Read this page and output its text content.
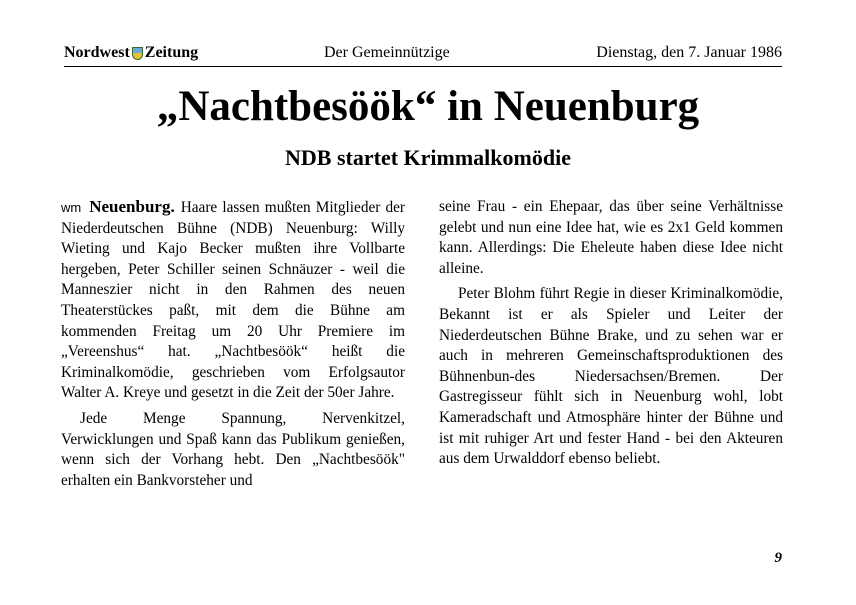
Nordwest Zeitung	Der Gemeinnützige	Dienstag, den 7. Januar 1986
„Nachtbesöök“ in Neuenburg
NDB startet Krimmalkomödie

wm Neuenburg. Haare lassen mußten Mitglieder der Niederdeutschen Bühne (NDB) Neuenburg: Willy Wieting und Kajo Becker mußten ihre Vollbarte hergeben, Peter Schiller seinen Schnäuzer - weil die Manneszier nicht in den Rahmen des neuen Theaterstückes paßt, mit dem die Bühne am kommenden Freitag um 20 Uhr Premiere im „Vereenshus“ hat. „Nachtbesöök“ heißt die Kriminalkomödie, geschrieben vom Erfolgsautor Walter A. Kreye und gesetzt in die Zeit der 50er Jahre.

Jede Menge Spannung, Nervenkitzel, Verwicklungen und Spaß kann das Publikum genießen, wenn sich der Vorhang hebt. Den „Nachtbesöök" erhalten ein Bankvorsteher und

seine Frau - ein Ehepaar, das über seine Verhältnisse gelebt und nun eine Idee hat, wie es 2x1 Geld kommen kann. Allerdings: Die Eheleute haben diese Idee nicht alleine.

Peter Blohm führt Regie in dieser Kriminalkomödie, Bekannt ist er als Spieler und Leiter der Niederdeutschen Bühne Brake, und zu sehen war er auch in mehreren Gemeinschaftsproduktionen des Bühnenbun-des Niedersachsen/Bremen. Der Gastregisseur fühlt sich in Neuenburg wohl, lobt Kameradschaft und Atmosphäre hinter der Bühne und ist mit ruhiger Art und fester Hand - bei den Akteuren aus dem Urwalddorf ebenso beliebt.

9
